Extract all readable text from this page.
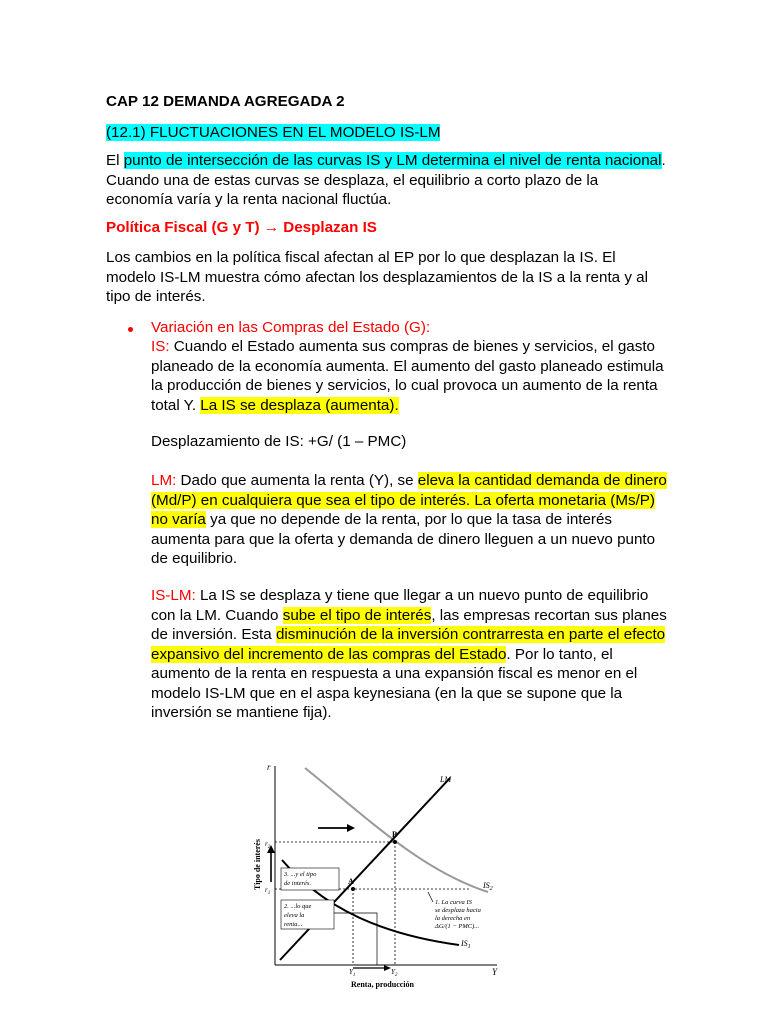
CAP 12 DEMANDA AGREGADA 2

(12.1) FLUCTUACIONES EN EL MODELO IS-LM

El punto de intersección de las curvas IS y LM determina el nivel de renta nacional. Cuando una de estas curvas se desplaza, el equilibrio a corto plazo de la economía varía y la renta nacional fluctúa.

Política Fiscal (G y T) → Desplazan IS

Los cambios en la política fiscal afectan al EP por lo que desplazan la IS. El modelo IS-LM muestra cómo afectan los desplazamientos de la IS a la renta y al tipo de interés.

Variación en las Compras del Estado (G):

IS: Cuando el Estado aumenta sus compras de bienes y servicios, el gasto planeado de la economía aumenta. El aumento del gasto planeado estimula la producción de bienes y servicios, lo cual provoca un aumento de la renta total Y. La IS se desplaza (aumenta).

Desplazamiento de IS: +G/ (1 – PMC)

LM: Dado que aumenta la renta (Y), se eleva la cantidad demanda de dinero (Md/P) en cualquiera que sea el tipo de interés. La oferta monetaria (Ms/P) no varía ya que no depende de la renta, por lo que la tasa de interés aumenta para que la oferta y demanda de dinero lleguen a un nuevo punto de equilibrio.

IS-LM: La IS se desplaza y tiene que llegar a un nuevo punto de equilibrio con la LM. Cuando sube el tipo de interés, las empresas recortan sus planes de inversión. Esta disminución de la inversión contrarresta en parte el efecto expansivo del incremento de las compras del Estado. Por lo tanto, el aumento de la renta en respuesta a una expansión fiscal es menor en el modelo IS-LM que en el aspa keynesiana (en la que se supone que la inversión se mantiene fija).

r
Y
Tipo de interés
Renta, producción
LM
$IS_2$
$IS_1$
A
B
$r_2$
$r_1$
$Y_1$	$Y_2$
3. ...y el tipo de interés.
2. ...lo que eleva la renta...
1. La curva IS se desplaza hacia la derecha en ΔG/(1 − PMC)...
